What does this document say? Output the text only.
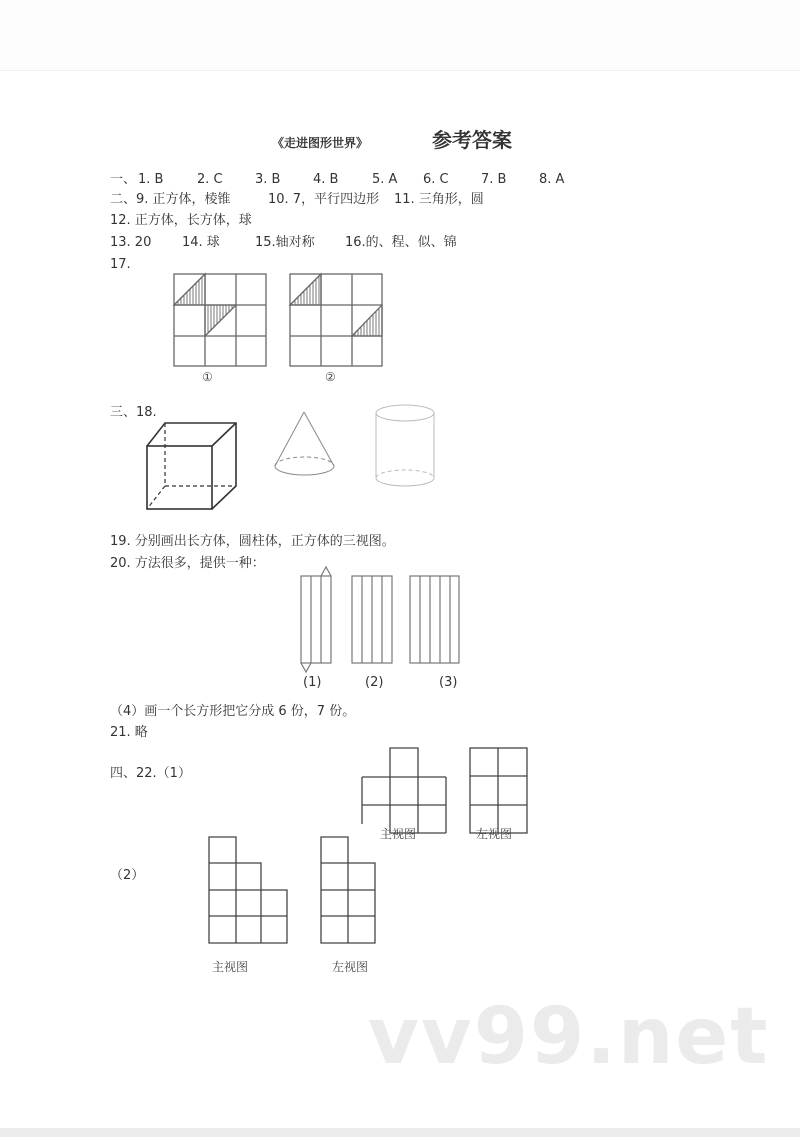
《走进图形世界》	参考答案
一、 1. B	2. C 3. B	4. B	5. A 6. C 7. B	8. A
二、9. 正方体，棱锥	10. 7，平行四边形 11. 三角形，圆
12. 正方体，长方体，球
13. 20 14. 球	15.轴对称 16.的、程、似、锦
17.
①	②
三、18.
19. 分别画出长方体，圆柱体，正方体的三视图。
20. 方法很多，提供一种：
(1)	(2)	(3)
（4）画一个长方形把它分成 6 份，7 份。
21. 略
四、22.（1）
主视图	左视图
（2）
主视图	左视图
vv99.net
